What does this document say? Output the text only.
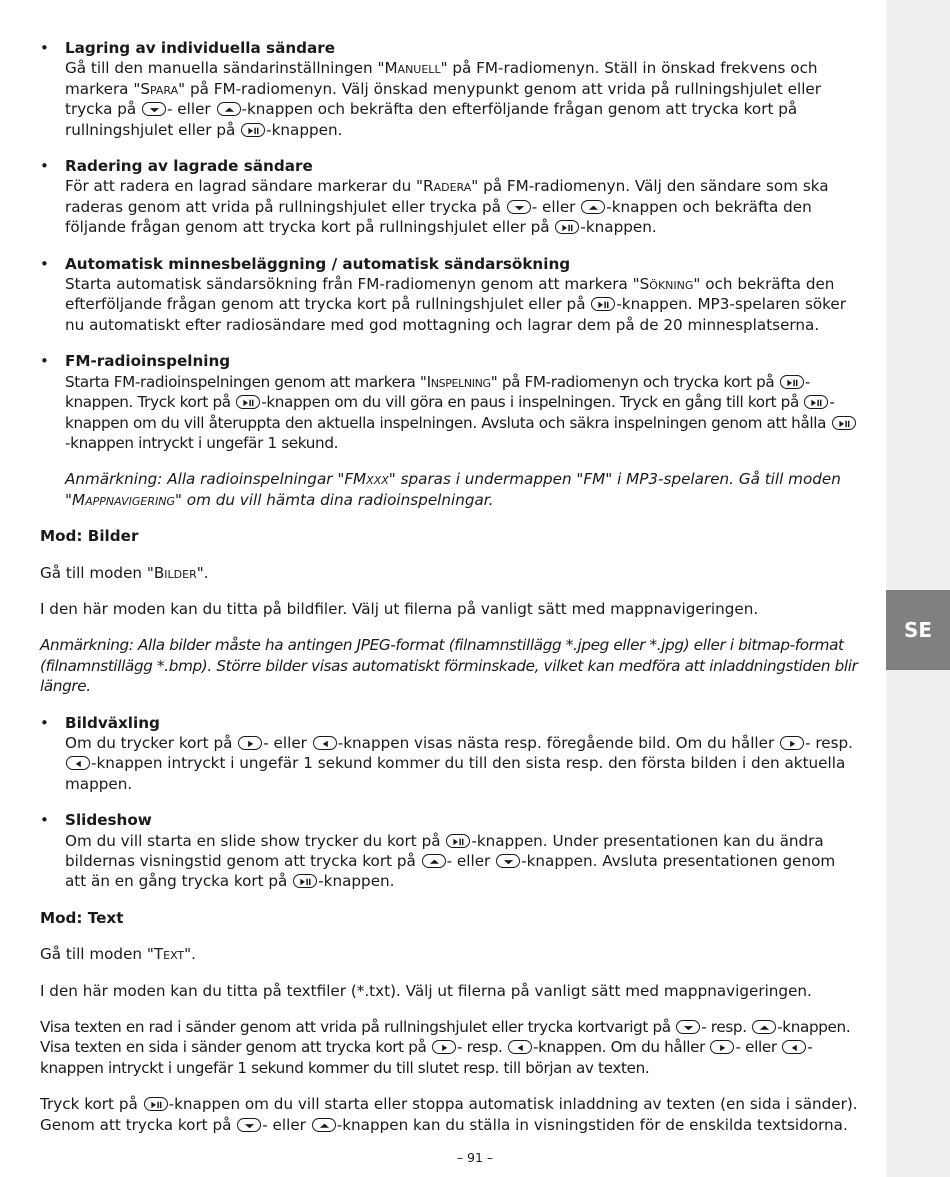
SE
• Lagring av individuella sändare
Gå till den manuella sändarinställningen "Manuell" på FM-radiomenyn. Ställ in önskad frekvens och markera "Spara" på FM-radiomenyn. Välj önskad menypunkt genom att vrida på rullningshjulet eller trycka på
- eller
-knappen och bekräfta den efterföljande frågan genom att trycka kort på rullningshjulet eller på
-knappen.
• Radering av lagrade sändare
För att radera en lagrad sändare markerar du "Radera" på FM-radiomenyn. Välj den sändare som ska raderas genom att vrida på rullningshjulet eller trycka på
- eller
-knappen och bekräfta den följande frågan genom att trycka kort på rullningshjulet eller på
-knappen.
• Automatisk minnesbeläggning / automatisk sändarsökning
Starta automatisk sändarsökning från FM-radiomenyn genom att markera "Sökning" och bekräfta den efterföljande frågan genom att trycka kort på rullningshjulet eller på
-knappen. MP3-spelaren söker nu automatiskt efter radiosändare med god mottagning och lagrar dem på de 20 minnesplatserna.
• FM-radioinspelning
Starta FM-radioinspelningen genom att markera "Inspelning" på FM-radiomenyn och trycka kort på
-knappen. Tryck kort på
-knappen om du vill göra en paus i inspelningen. Tryck en gång till kort på
-knappen om du vill återuppta den aktuella inspelningen. Avsluta och säkra inspelningen genom att hålla
-knappen intryckt i ungefär 1 sekund.

Anmärkning: Alla radioinspelningar "FMxxx" sparas i undermappen "FM" i MP3-spelaren. Gå till moden "Mappnavigering" om du vill hämta dina radioinspelningar.

Mod: Bilder

Gå till moden "Bilder".

I den här moden kan du titta på bildfiler. Välj ut filerna på vanligt sätt med mappnavigeringen.

Anmärkning: Alla bilder måste ha antingen JPEG-format (filnamnstillägg *.jpeg eller *.jpg) eller i bitmap-format (filnamnstillägg *.bmp). Större bilder visas automatiskt förminskade, vilket kan medföra att inladdningstiden blir längre.

• Bildväxling
Om du trycker kort på
- eller
-knappen visas nästa resp. föregående bild. Om du håller
- resp.
-knappen intryckt i ungefär 1 sekund kommer du till den sista resp. den första bilden i den aktuella mappen.
• Slideshow
Om du vill starta en slide show trycker du kort på
-knappen. Under presentationen kan du ändra bildernas visningstid genom att trycka kort på
- eller
-knappen. Avsluta presentationen genom att än en gång trycka kort på
-knappen.

Mod: Text

Gå till moden "Text".

I den här moden kan du titta på textfiler (*.txt). Välj ut filerna på vanligt sätt med mappnavigeringen.

Visa texten en rad i sänder genom att vrida på rullningshjulet eller trycka kortvarigt på
- resp.
-knappen. Visa texten en sida i sänder genom att trycka kort på
- resp.
-knappen. Om du håller
- eller
-knappen intryckt i ungefär 1 sekund kommer du till slutet resp. till början av texten.

Tryck kort på
-knappen om du vill starta eller stoppa automatisk inladdning av texten (en sida i sänder). Genom att trycka kort på
- eller
-knappen kan du ställa in visningstiden för de enskilda textsidorna.

– 91 –
